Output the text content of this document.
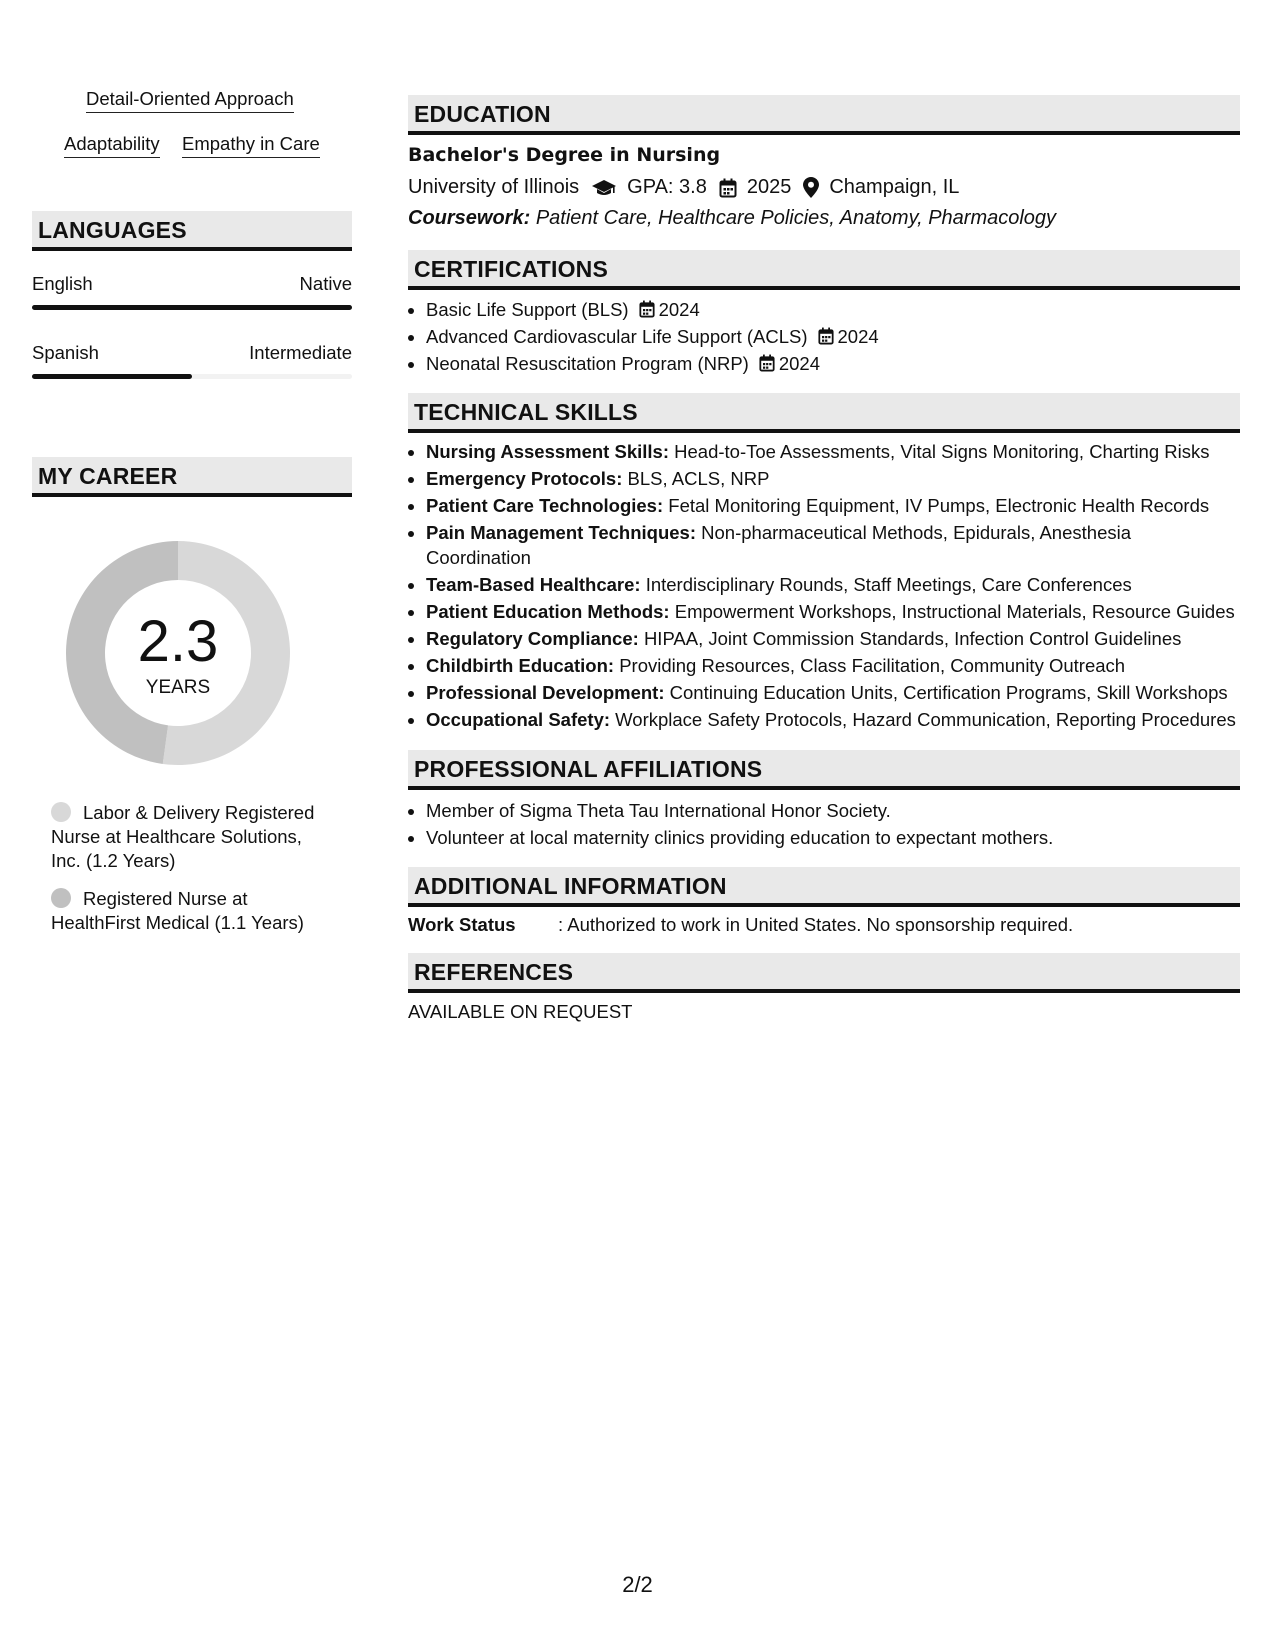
Detail-Oriented Approach
Adaptability Empathy in Care
LANGUAGES
English	Native
Spanish	Intermediate
MY CAREER
2.3
YEARS
Labor & Delivery Registered Nurse at Healthcare Solutions, Inc. (1.2 Years)
Registered Nurse at HealthFirst Medical (1.1 Years)
EDUCATION
Bachelor's Degree in Nursing
University of Illinois GPA: 3.8 2025 Champaign, IL
Coursework: Patient Care, Healthcare Policies, Anatomy, Pharmacology
CERTIFICATIONS
• Basic Life Support (BLS) 2024
• Advanced Cardiovascular Life Support (ACLS) 2024
• Neonatal Resuscitation Program (NRP) 2024
TECHNICAL SKILLS
• Nursing Assessment Skills: Head-to-Toe Assessments, Vital Signs Monitoring, Charting Risks
• Emergency Protocols: BLS, ACLS, NRP
• Patient Care Technologies: Fetal Monitoring Equipment, IV Pumps, Electronic Health Records
• Pain Management Techniques: Non-pharmaceutical Methods, Epidurals, Anesthesia Coordination
• Team-Based Healthcare: Interdisciplinary Rounds, Staff Meetings, Care Conferences
• Patient Education Methods: Empowerment Workshops, Instructional Materials, Resource Guides
• Regulatory Compliance: HIPAA, Joint Commission Standards, Infection Control Guidelines
• Childbirth Education: Providing Resources, Class Facilitation, Community Outreach
• Professional Development: Continuing Education Units, Certification Programs, Skill Workshops
• Occupational Safety: Workplace Safety Protocols, Hazard Communication, Reporting Procedures
PROFESSIONAL AFFILIATIONS
• Member of Sigma Theta Tau International Honor Society.
• Volunteer at local maternity clinics providing education to expectant mothers.
ADDITIONAL INFORMATION
Work Status : Authorized to work in United States. No sponsorship required.
REFERENCES
AVAILABLE ON REQUEST
2/2
